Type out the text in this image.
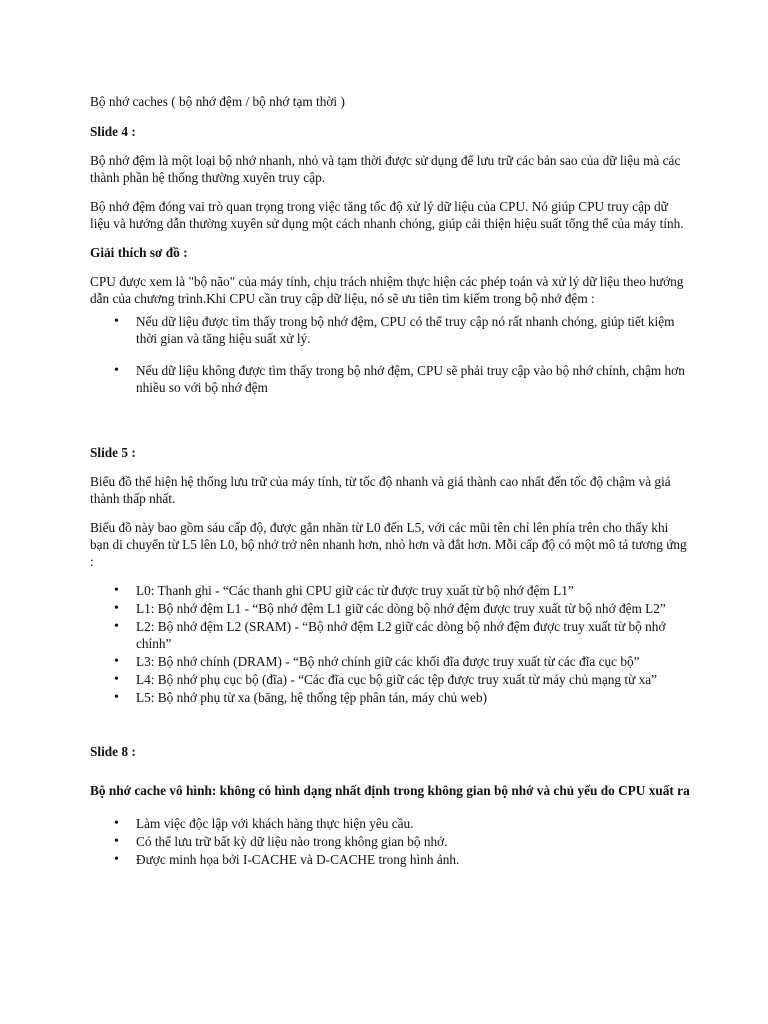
Bộ nhớ caches ( bộ nhớ đệm / bộ nhớ tạm thời )

Slide 4 :

Bộ nhớ đệm là một loại bộ nhớ nhanh, nhỏ và tạm thời được sử dụng để lưu trữ các bản sao của dữ liệu mà các thành phần hệ thống thường xuyên truy cập.

Bộ nhớ đệm đóng vai trò quan trọng trong việc tăng tốc độ xử lý dữ liệu của CPU. Nó giúp CPU truy cập dữ liệu và hướng dẫn thường xuyên sử dụng một cách nhanh chóng, giúp cải thiện hiệu suất tổng thể của máy tính.

Giải thích sơ đồ :

CPU được xem là "bộ não" của máy tính, chịu trách nhiệm thực hiện các phép toán và xử lý dữ liệu theo hướng dẫn của chương trình.Khi CPU cần truy cập dữ liệu, nó sẽ ưu tiên tìm kiếm trong bộ nhớ đệm :

• Nếu dữ liệu được tìm thấy trong bộ nhớ đệm, CPU có thể truy cập nó rất nhanh chóng, giúp tiết kiệm thời gian và tăng hiệu suất xử lý.
• Nếu dữ liệu không được tìm thấy trong bộ nhớ đệm, CPU sẽ phải truy cập vào bộ nhớ chính, chậm hơn nhiều so với bộ nhớ đệm

Slide 5 :

Biểu đồ thể hiện hệ thống lưu trữ của máy tính, từ tốc độ nhanh và giá thành cao nhất đến tốc độ chậm và giá thành thấp nhất.

Biểu đồ này bao gồm sáu cấp độ, được gắn nhãn từ L0 đến L5, với các mũi tên chỉ lên phía trên cho thấy khi bạn di chuyển từ L5 lên L0, bộ nhớ trở nên nhanh hơn, nhỏ hơn và đắt hơn. Mỗi cấp độ có một mô tả tương ứng :

• L0: Thanh ghi - “Các thanh ghi CPU giữ các từ được truy xuất từ bộ nhớ đệm L1”
• L1: Bộ nhớ đệm L1 - “Bộ nhớ đệm L1 giữ các dòng bộ nhớ đệm được truy xuất từ bộ nhớ đệm L2”
• L2: Bộ nhớ đệm L2 (SRAM) - “Bộ nhớ đệm L2 giữ các dòng bộ nhớ đệm được truy xuất từ bộ nhớ chính”
• L3: Bộ nhớ chính (DRAM) - “Bộ nhớ chính giữ các khối đĩa được truy xuất từ các đĩa cục bộ”
• L4: Bộ nhớ phụ cục bộ (đĩa) - “Các đĩa cục bộ giữ các tệp được truy xuất từ máy chủ mạng từ xa”
• L5: Bộ nhớ phụ từ xa (băng, hệ thống tệp phân tán, máy chủ web)

Slide 8 :

Bộ nhớ cache vô hình: không có hình dạng nhất định trong không gian bộ nhớ và chủ yếu do CPU xuất ra

• Làm việc độc lập với khách hàng thực hiện yêu cầu.
• Có thể lưu trữ bất kỳ dữ liệu nào trong không gian bộ nhớ.
• Được minh họa bởi I-CACHE và D-CACHE trong hình ảnh.
